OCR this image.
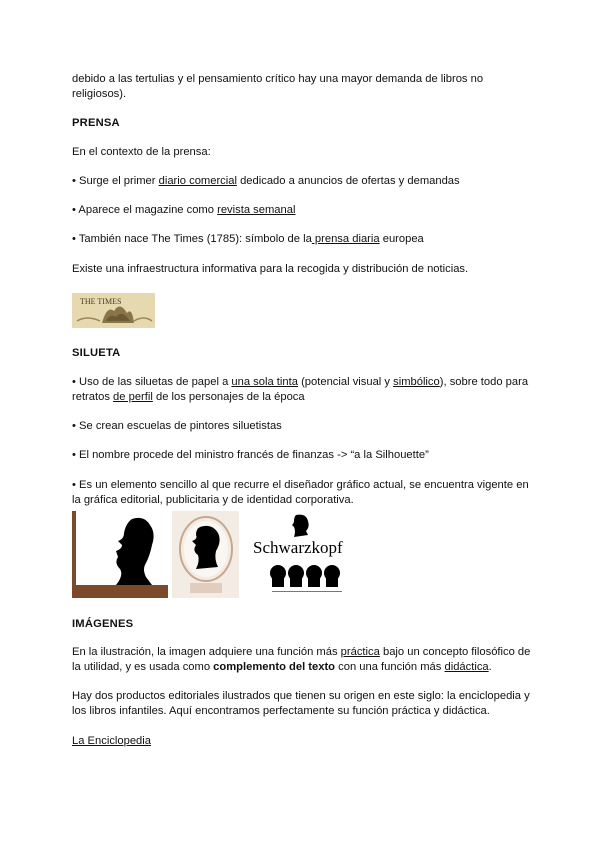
debido a las tertulias y el pensamiento crítico hay una mayor demanda de libros no religiosos).

PRENSA

En el contexto de la prensa:

• Surge el primer diario comercial dedicado a anuncios de ofertas y demandas

• Aparece el magazine como revista semanal

• También nace The Times (1785): símbolo de la prensa diaria europea

Existe una infraestructura informativa para la recogida y distribución de noticias.

THE TIMES

SILUETA

• Uso de las siluetas de papel a una sola tinta (potencial visual y simbólico), sobre todo para retratos de perfil de los personajes de la época

• Se crean escuelas de pintores siluetistas

• El nombre procede del ministro francés de finanzas -> “a la Silhouette”

• Es un elemento sencillo al que recurre el diseñador gráfico actual, se encuentra vigente en la gráfica editorial, publicitaria y de identidad corporativa.

Schwarzkopf

IMÁGENES

En la ilustración, la imagen adquiere una función más práctica bajo un concepto filosófico de la utilidad, y es usada como complemento del texto con una función más didáctica.

Hay dos productos editoriales ilustrados que tienen su origen en este siglo: la enciclopedia y los libros infantiles. Aquí encontramos perfectamente su función práctica y didáctica.

La Enciclopedia
